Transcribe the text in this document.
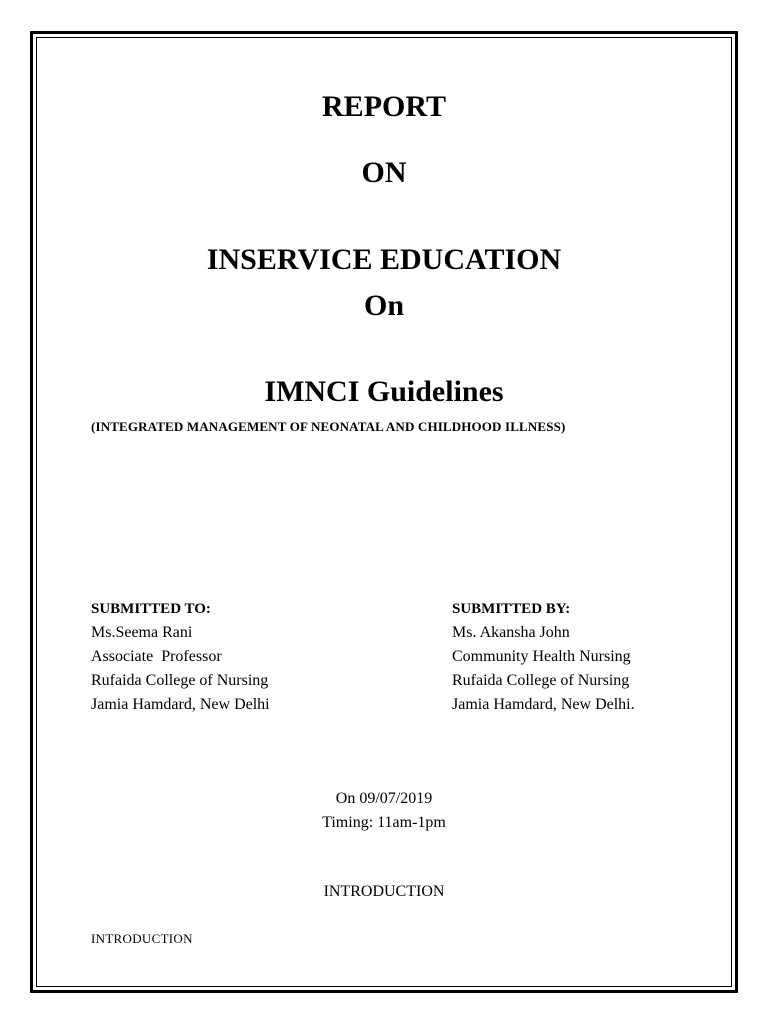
REPORT
ON
INSERVICE EDUCATION
On
IMNCI Guidelines
(INTEGRATED MANAGEMENT OF NEONATAL AND CHILDHOOD ILLNESS)
SUBMITTED TO:
Ms.Seema Rani
Associate  Professor
Rufaida College of Nursing
Jamia Hamdard, New Delhi
SUBMITTED BY:
Ms. Akansha John
Community Health Nursing
Rufaida College of Nursing
Jamia Hamdard, New Delhi.
On 09/07/2019
Timing: 11am-1pm
INTRODUCTION
INTRODUCTION
